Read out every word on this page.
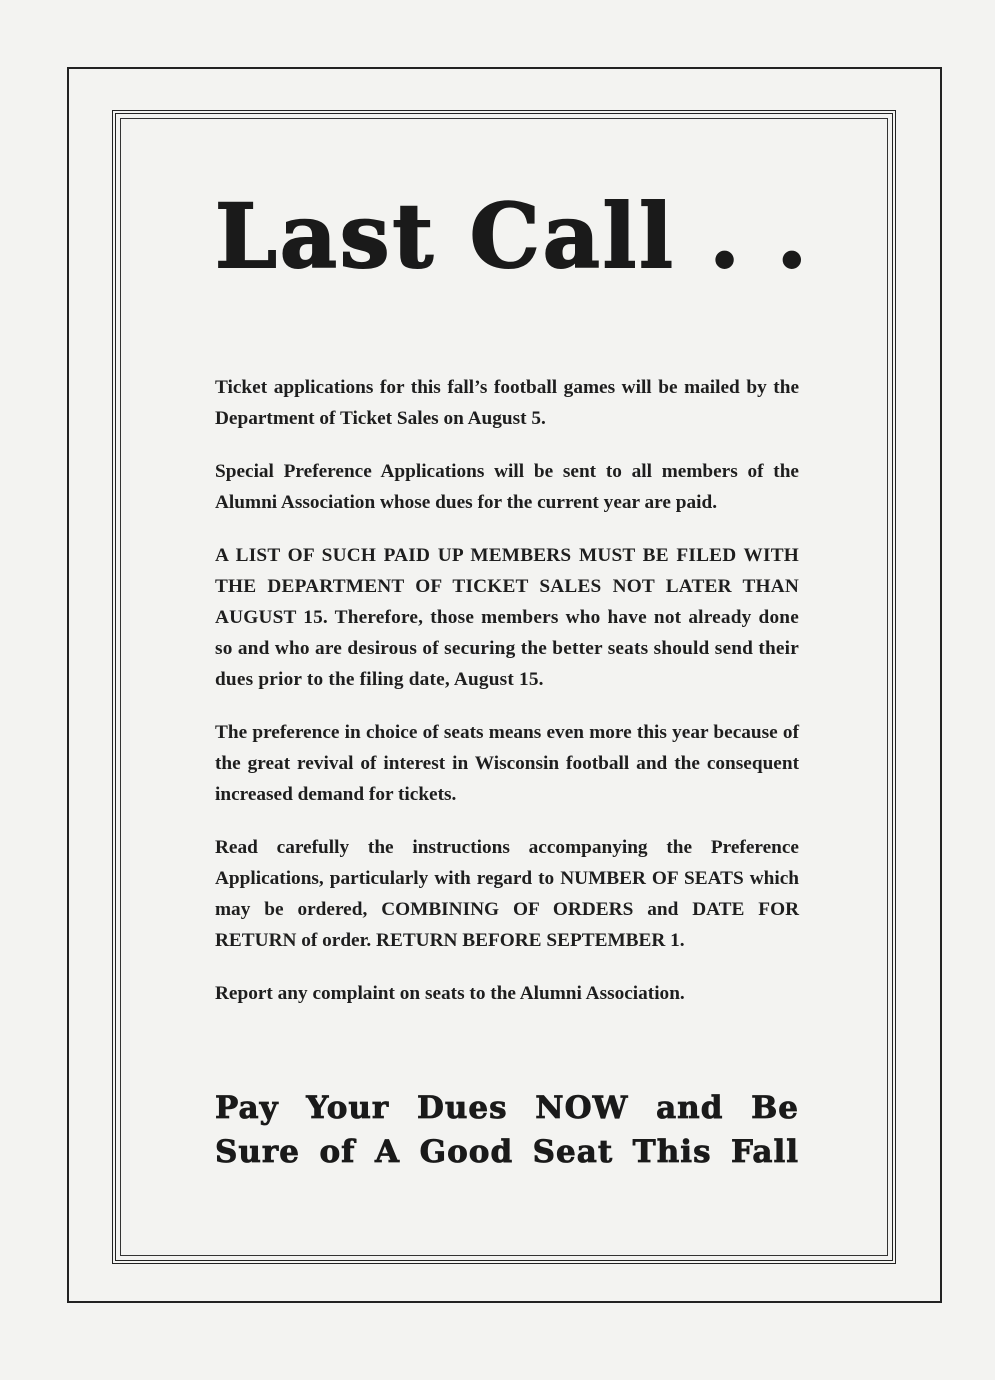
Last Call . .

Ticket applications for this fall’s football games will be mailed by the Department of Ticket Sales on August 5.

Special Preference Applications will be sent to all members of the Alumni Association whose dues for the current year are paid.

A LIST OF SUCH PAID UP MEMBERS MUST BE FILED WITH THE DEPARTMENT OF TICKET SALES NOT LATER THAN AUGUST 15. Therefore, those members who have not already done so and who are desirous of securing the better seats should send their dues prior to the filing date, August 15.

The preference in choice of seats means even more this year because of the great revival of interest in Wisconsin football and the consequent increased demand for tickets.

Read carefully the instructions accompanying the Preference Applications, particularly with regard to NUMBER OF SEATS which may be ordered, COMBINING OF ORDERS and DATE FOR RETURN of order. RETURN BEFORE SEPTEMBER 1.

Report any complaint on seats to the Alumni Association.

Pay Your Dues NOW and Be
Sure of A Good Seat This Fall
